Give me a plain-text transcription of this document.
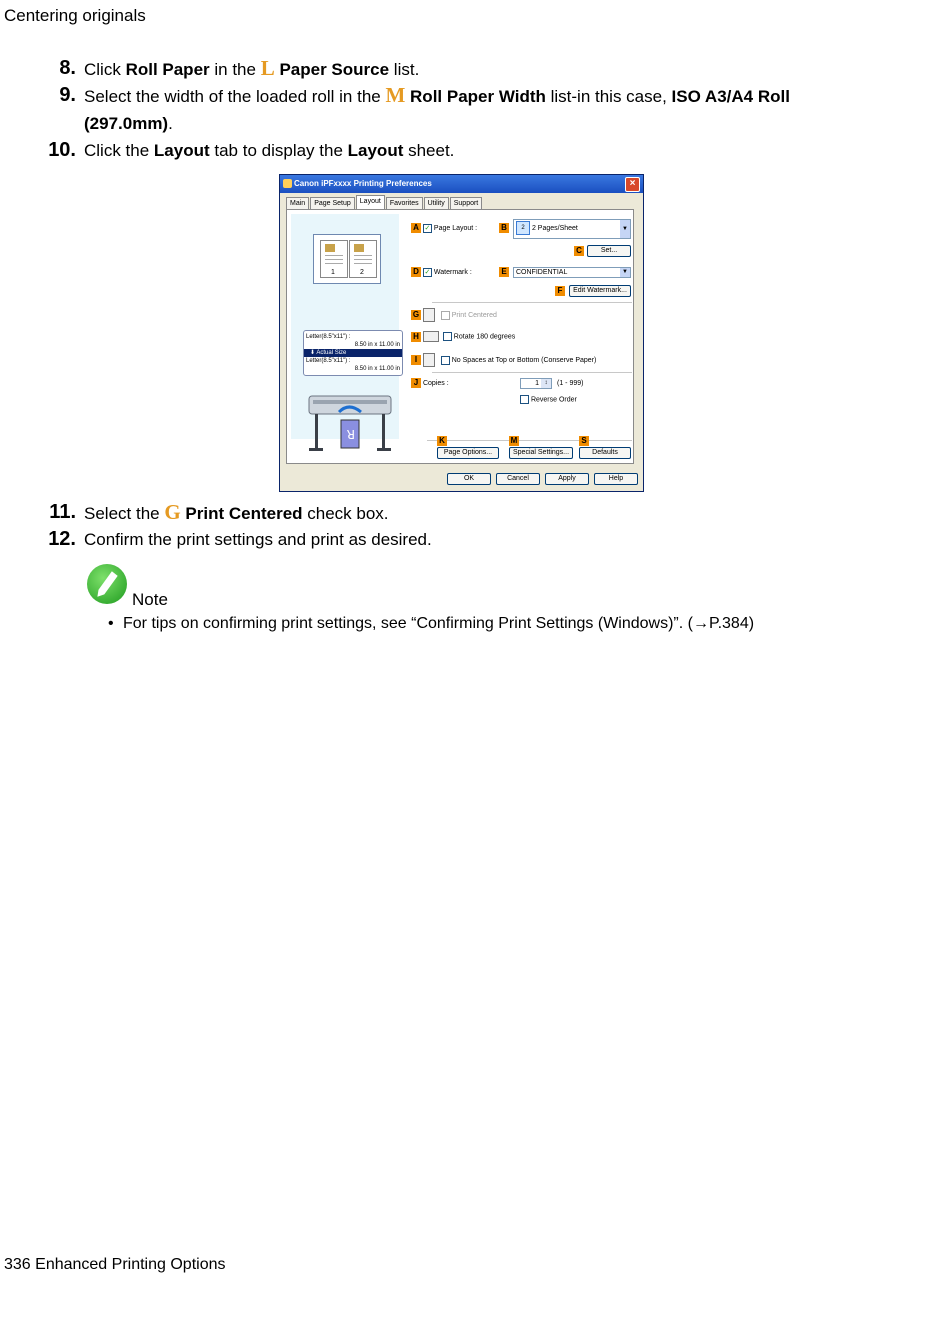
Centering originals
8. Click Roll Paper in the L Paper Source list.
9. Select the width of the loaded roll in the M Roll Paper Width list-in this case, ISO A3/A4 Roll
(297.0mm).
10. Click the Layout tab to display the Layout sheet.
Canon iPFxxxx Printing Preferences	×
Main	Page Setup	Layout	Favorites	Utility	Support
1	2
Letter(8.5"x11") :
8.50 in x 11.00 in
⬇ Actual Size
Letter(8.5"x11") :
8.50 in x 11.00 in
R
A ✓ Page Layout :	B	2 2 Pages/Sheet	▼
C	Set...
D ✓ Watermark :	E	CONFIDENTIAL	▼
F	Edit Watermark...
G	Print Centered
H	Rotate 180 degrees
I	No Spaces at Top or Bottom (Conserve Paper)
J Copies :	1 ↕	(1 - 999)
Reverse Order
K	M	S
Page Options...	Special Settings...	Defaults
OK	Cancel	Apply	Help
11. Select the G Print Centered check box.
12. Confirm the print settings and print as desired.
Note
• For tips on confirming print settings, see “Confirming Print Settings (Windows)”. (→P.384)
336 Enhanced Printing Options
